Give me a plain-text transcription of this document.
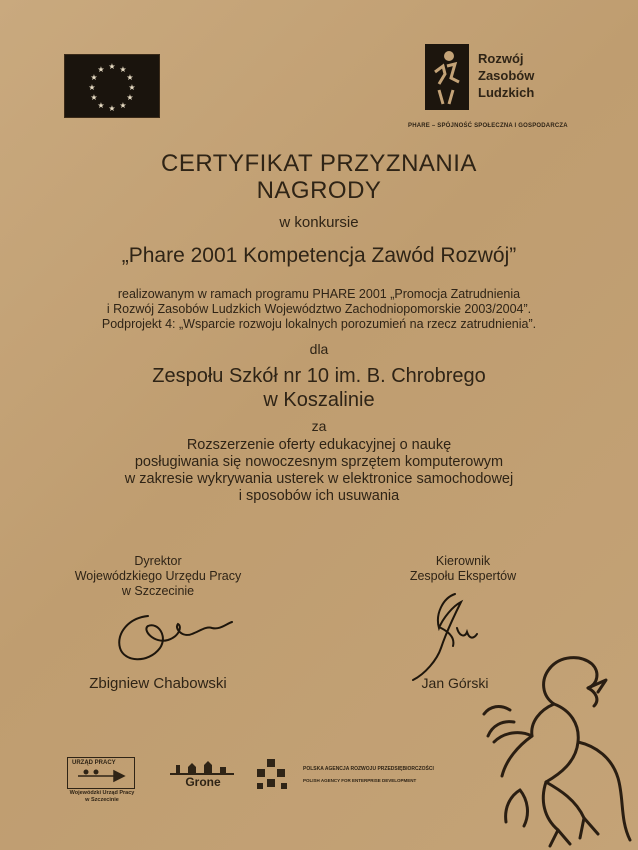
★ ★
★
★
★
★
★
★
★
★
★
★
Rozwój
Zasobów
Ludzkich
PHARE – SPÓJNOŚĆ SPOŁECZNA I GOSPODARCZA
CERTYFIKAT PRZYZNANIA
NAGRODY
w konkursie
„Phare 2001 Kompetencja Zawód Rozwój”
realizowanym w ramach programu PHARE 2001 „Promocja Zatrudnienia
i Rozwój Zasobów Ludzkich Województwo Zachodniopomorskie 2003/2004”.
Podprojekt 4: „Wsparcie rozwoju lokalnych porozumień na rzecz zatrudnienia”.
dla
Zespołu Szkół nr 10 im. B. Chrobrego
w Koszalinie
za
Rozszerzenie oferty edukacyjnej o naukę
posługiwania się nowoczesnym sprzętem komputerowym
w zakresie wykrywania usterek w elektronice samochodowej
i sposobów ich usuwania
Dyrektor
Wojewódzkiego Urzędu Pracy
w Szczecinie
Zbigniew Chabowski
Kierownik
Zespołu Ekspertów
Jan Górski
URZĄD PRACY
Wojewódzki Urząd Pracy
w Szczecinie
Grone
POLSKA AGENCJA ROZWOJU PRZEDSIĘBIORCZOŚCI
POLISH AGENCY FOR ENTERPRISE DEVELOPMENT
